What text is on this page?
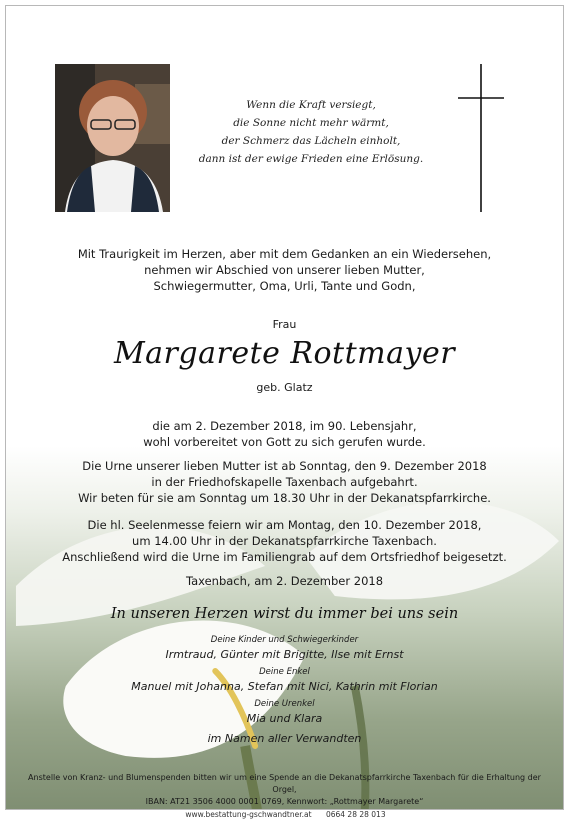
Wenn die Kraft versiegt,
die Sonne nicht mehr wärmt,
der Schmerz das Lächeln einholt,
dann ist der ewige Frieden eine Erlösung.
Mit Traurigkeit im Herzen, aber mit dem Gedanken an ein Wiedersehen,
nehmen wir Abschied von unserer lieben Mutter,
Schwiegermutter, Oma, Urli, Tante und Godn,
Frau
Margarete Rottmayer
geb. Glatz
die am 2. Dezember 2018, im 90. Lebensjahr,
wohl vorbereitet von Gott zu sich gerufen wurde.
Die Urne unserer lieben Mutter ist ab Sonntag, den 9. Dezember 2018
in der Friedhofskapelle Taxenbach aufgebahrt.
Wir beten für sie am Sonntag um 18.30 Uhr in der Dekanatspfarrkirche.
Die hl. Seelenmesse feiern wir am Montag, den 10. Dezember 2018,
um 14.00 Uhr in der Dekanatspfarrkirche Taxenbach.
Anschließend wird die Urne im Familiengrab auf dem Ortsfriedhof beigesetzt.
Taxenbach, am 2. Dezember 2018
In unseren Herzen wirst du immer bei uns sein
Deine Kinder und Schwiegerkinder
Irmtraud, Günter mit Brigitte, Ilse mit Ernst
Deine Enkel
Manuel mit Johanna, Stefan mit Nici, Kathrin mit Florian
Deine Urenkel
Mia und Klara
im Namen aller Verwandten
Anstelle von Kranz- und Blumenspenden bitten wir um eine Spende an die Dekanatspfarrkirche Taxenbach für die Erhaltung der Orgel,
IBAN: AT21 3506 4000 0001 0769, Kennwort: „Rottmayer Margarete“
www.bestattung-gschwandtner.at 0664 28 28 013
